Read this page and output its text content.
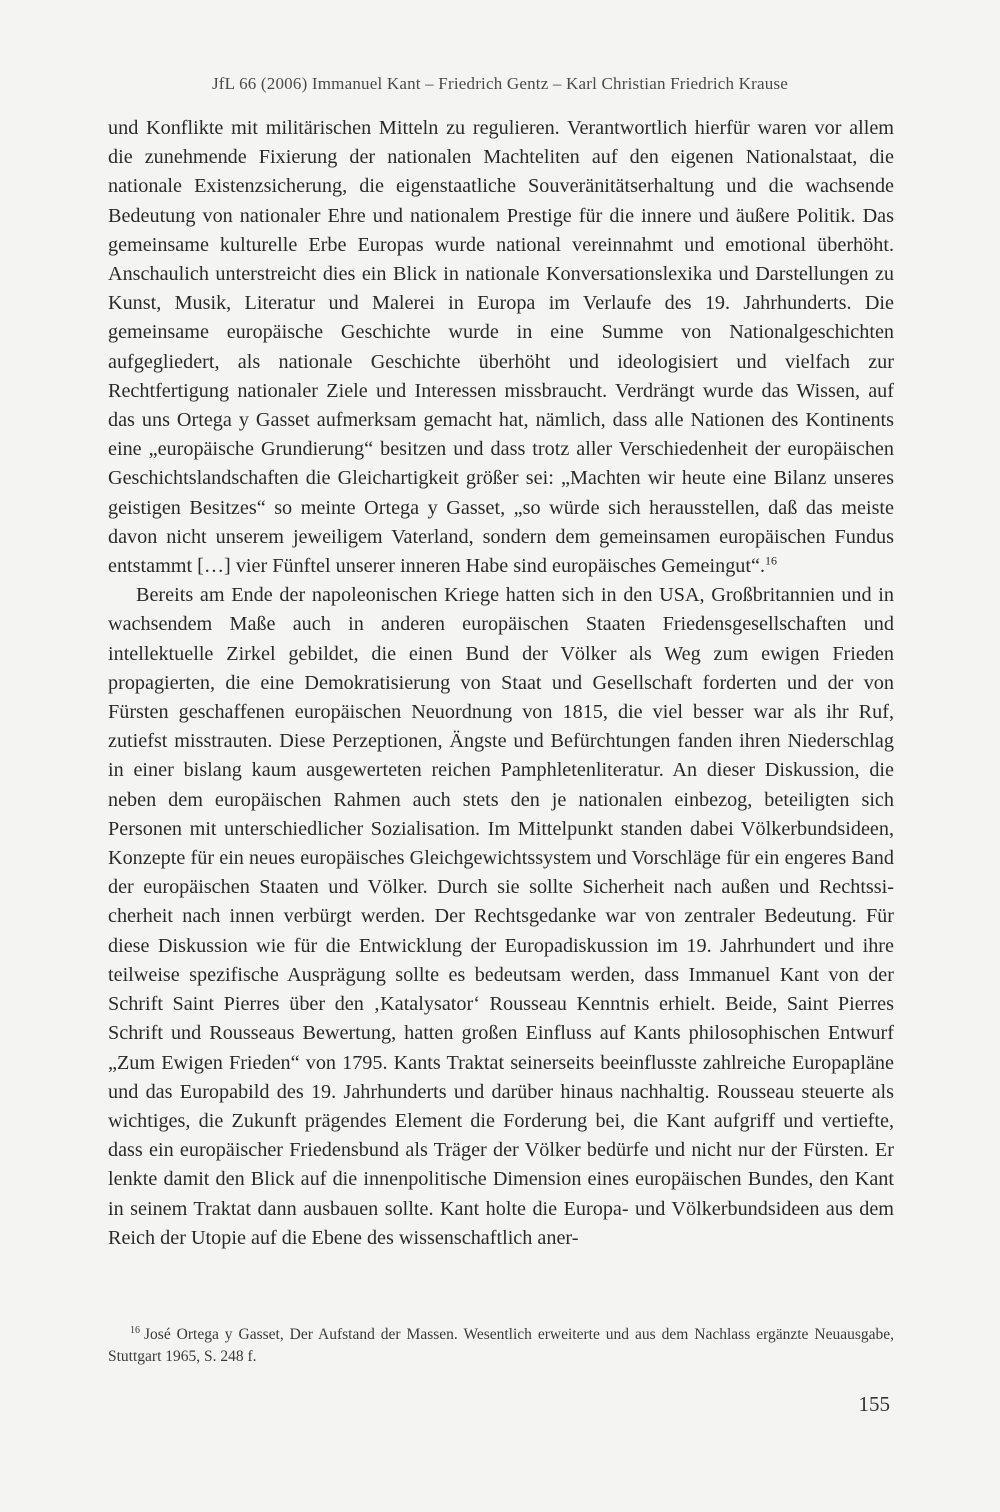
JfL 66 (2006) Immanuel Kant – Friedrich Gentz – Karl Christian Friedrich Krause

und Konflikte mit militärischen Mitteln zu regulieren. Verantwortlich hierfür waren vor allem die zunehmende Fixierung der nationalen Machteliten auf den eigenen Nationalstaat, die nationale Existenzsicherung, die eigenstaatliche Souveränitätserhaltung und die wachsende Bedeutung von nationaler Ehre und nationalem Prestige für die innere und äußere Politik. Das gemeinsame kulturelle Erbe Europas wurde national vereinnahmt und emotional überhöht. Anschaulich unterstreicht dies ein Blick in nationale Konversationslexika und Darstellungen zu Kunst, Musik, Literatur und Malerei in Europa im Verlaufe des 19. Jahrhunderts. Die gemeinsame europäische Geschichte wurde in eine Summe von Nationalgeschichten aufgegliedert, als nationale Geschichte überhöht und ideologisiert und vielfach zur Rechtfertigung nationaler Ziele und Interessen missbraucht. Verdrängt wurde das Wissen, auf das uns Ortega y Gasset aufmerksam gemacht hat, nämlich, dass alle Nationen des Kontinents eine „europäische Grundierung“ besitzen und dass trotz aller Verschiedenheit der europäischen Geschichtslandschaften die Gleichartigkeit größer sei: „Machten wir heute eine Bilanz unseres geistigen Besitzes“ so meinte Ortega y Gasset, „so würde sich herausstellen, daß das meiste davon nicht unserem jeweiligem Vaterland, sondern dem gemeinsamen europäischen Fundus entstammt […] vier Fünftel unserer inneren Habe sind europäisches Gemeingut“.$^{16}$

Bereits am Ende der napoleonischen Kriege hatten sich in den USA, Großbritannien und in wachsendem Maße auch in anderen europäischen Staaten Friedensgesellschaften und intellektuelle Zirkel gebildet, die einen Bund der Völker als Weg zum ewigen Frieden propagierten, die eine Demokratisierung von Staat und Gesellschaft forderten und der von Fürsten geschaffenen europäischen Neuordnung von 1815, die viel besser war als ihr Ruf, zutiefst misstrauten. Diese Perzeptionen, Ängste und Befürchtungen fanden ihren Niederschlag in einer bislang kaum ausgewerteten reichen Pamphletenliteratur. An dieser Diskussion, die neben dem europäischen Rahmen auch stets den je nationalen einbezog, beteiligten sich Personen mit unterschiedlicher Sozialisation. Im Mittelpunkt standen dabei Völkerbundsideen, Konzepte für ein neues europäisches Gleichgewichtssystem und Vorschläge für ein engeres Band der europäischen Staaten und Völker. Durch sie sollte Sicherheit nach außen und Rechtssicherheit nach innen verbürgt werden. Der Rechtsgedanke war von zentraler Bedeutung. Für diese Diskussion wie für die Entwicklung der Europadiskussion im 19. Jahrhundert und ihre teilweise spezifische Ausprägung sollte es bedeutsam werden, dass Immanuel Kant von der Schrift Saint Pierres über den ‚Katalysator‘ Rousseau Kenntnis erhielt. Beide, Saint Pierres Schrift und Rousseaus Bewertung, hatten großen Einfluss auf Kants philosophischen Entwurf „Zum Ewigen Frieden“ von 1795. Kants Traktat seinerseits beeinflusste zahlreiche Europapläne und das Europabild des 19. Jahrhunderts und darüber hinaus nachhaltig. Rousseau steuerte als wichtiges, die Zukunft prägendes Element die Forderung bei, die Kant aufgriff und vertiefte, dass ein europäischer Friedensbund als Träger der Völker bedürfe und nicht nur der Fürsten. Er lenkte damit den Blick auf die innenpolitische Dimension eines europäischen Bundes, den Kant in seinem Traktat dann ausbauen sollte. Kant holte die Europa- und Völkerbundsideen aus dem Reich der Utopie auf die Ebene des wissenschaftlich aner-

$^{16}$ José Ortega y Gasset, Der Aufstand der Massen. Wesentlich erweiterte und aus dem Nachlass ergänzte Neuausgabe, Stuttgart 1965, S. 248 f.
155
